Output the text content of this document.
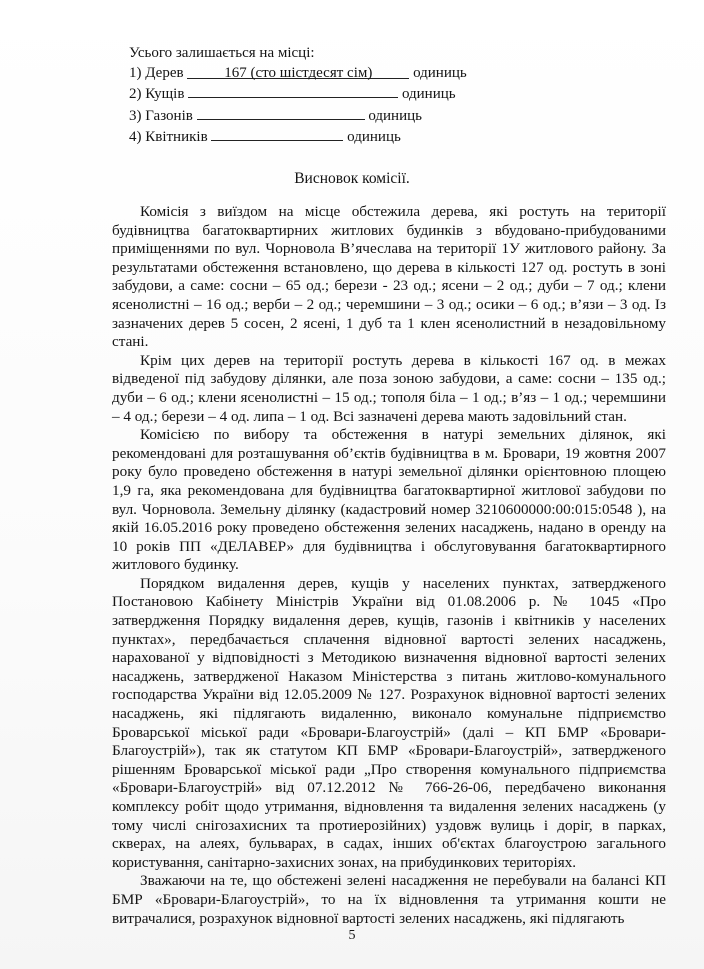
Усього залишається на місці:
1) Дерев	167 (сто шістдесят сім)	одиниць
2) Кущів	одиниць
3) Газонів	одиниць
4) Квітників	одиниць
Висновок комісії.

Комісія з виїздом на місце обстежила дерева, які ростуть на території будівництва багатоквартирних житлових будинків з вбудовано-прибудованими приміщеннями по вул. Чорновола В’ячеслава на території 1У житлового району. За результатами обстеження встановлено, що дерева в кількості 127 од. ростуть в зоні забудови, а саме: сосни – 65 од.; берези - 23 од.; ясени – 2 од.; дуби – 7 од.; клени ясенолистні – 16 од.; верби – 2 од.; черемшини – 3 од.; осики – 6 од.; в’язи – 3 од. Із зазначених дерев 5 сосен, 2 ясені, 1 дуб та 1 клен ясенолистний в незадовільному стані.

Крім цих дерев на території ростуть дерева в кількості 167 од. в межах відведеної під забудову ділянки, але поза зоною забудови, а саме: сосни – 135 од.; дуби – 6 од.; клени ясенолистні – 15 од.; тополя біла – 1 од.; в’яз – 1 од.; черемшини – 4 од.; берези – 4 од. липа – 1 од. Всі зазначені дерева мають задовільний стан.

Комісією по вибору та обстеження в натурі земельних ділянок, які рекомендовані для розташування об’єктів будівництва в м. Бровари, 19 жовтня 2007 року було проведено обстеження в натурі земельної ділянки орієнтовною площею 1,9 га, яка рекомендована для будівництва багатоквартирної житлової забудови по вул. Чорновола. Земельну ділянку (кадастровий номер 3210600000:00:015:0548 ), на якій 16.05.2016 року проведено обстеження зелених насаджень, надано в оренду на 10 років ПП «ДЕЛАВЕР» для будівництва і обслуговування багатоквартирного житлового будинку.

Порядком видалення дерев, кущів у населених пунктах, затвердженого Постановою Кабінету Міністрів України від 01.08.2006 р. № 1045 «Про затвердження Порядку видалення дерев, кущів, газонів і квітників у населених пунктах», передбачається сплачення відновної вартості зелених насаджень, нарахованої у відповідності з Методикою визначення відновної вартості зелених насаджень, затвердженої Наказом Міністерства з питань житлово-комунального господарства України від 12.05.2009 № 127. Розрахунок відновної вартості зелених насаджень, які підлягають видаленню, виконало комунальне підприємство Броварської міської ради «Бровари-Благоустрій» (далі – КП БМР «Бровари-Благоустрій»), так як статутом КП БМР «Бровари-Благоустрій», затвердженого рішенням Броварської міської ради „Про створення комунального підприємства «Бровари-Благоустрій» від 07.12.2012 № 766-26-06, передбачено виконання комплексу робіт щодо утримання, відновлення та видалення зелених насаджень (у тому числі снігозахисних та протиерозійних) уздовж вулиць і доріг, в парках, скверах, на алеях, бульварах, в садах, інших об'єктах благоустрою загального користування, санітарно-захисних зонах, на прибудинкових територіях.

Зважаючи на те, що обстежені зелені насадження не перебували на балансі КП БМР «Бровари-Благоустрій», то на їх відновлення та утримання кошти не витрачалися, розрахунок відновної вартості зелених насаджень, які підлягають

5
